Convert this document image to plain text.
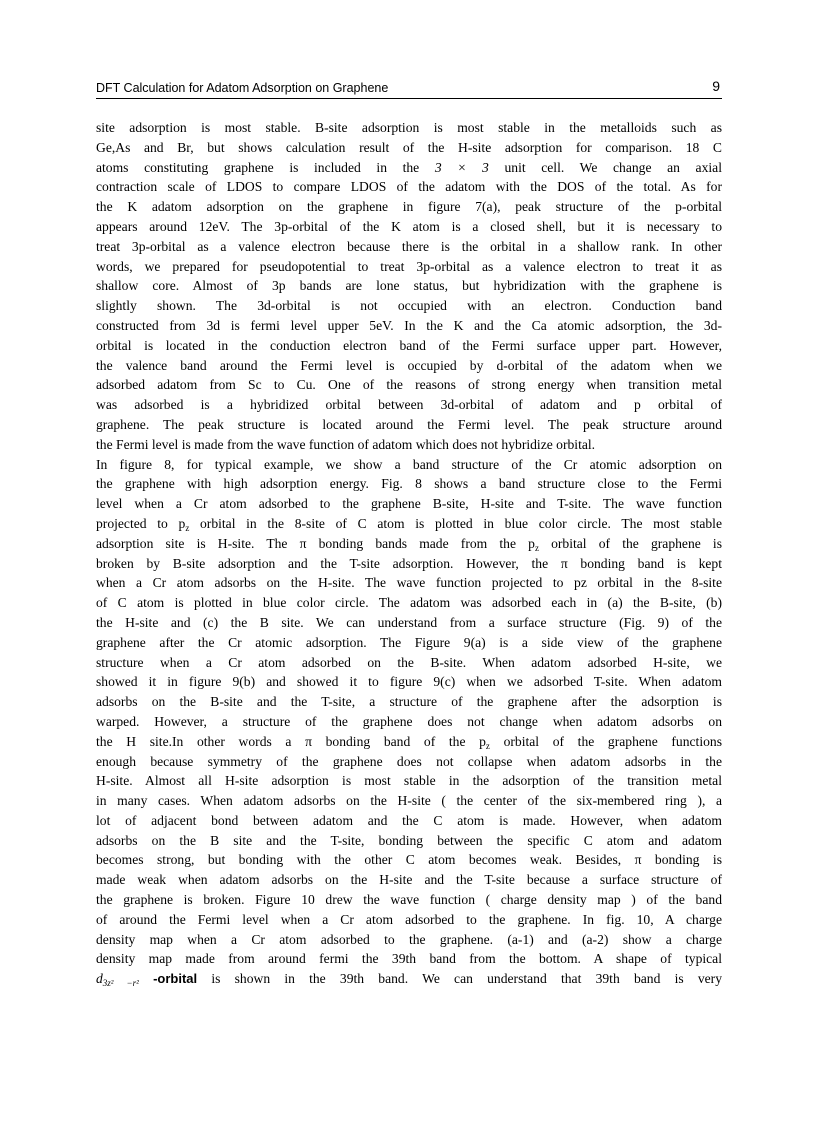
DFT Calculation for Adatom Adsorption on Graphene	9
site adsorption is most stable. B-site adsorption is most stable in the metalloids such as
Ge,As and Br, but shows calculation result of the H-site adsorption for comparison. 18 C
atoms constituting graphene is included in the 3 × 3 unit cell. We change an axial
contraction scale of LDOS to compare LDOS of the adatom with the DOS of the total. As for
the K adatom adsorption on the graphene in figure 7(a), peak structure of the p-orbital
appears around 12eV. The 3p-orbital of the K atom is a closed shell, but it is necessary to
treat 3p-orbital as a valence electron because there is the orbital in a shallow rank. In other
words, we prepared for pseudopotential to treat 3p-orbital as a valence electron to treat it as
shallow core. Almost of 3p bands are lone status, but hybridization with the graphene is
slightly shown. The 3d-orbital is not occupied with an electron. Conduction band
constructed from 3d is fermi level upper 5eV. In the K and the Ca atomic adsorption, the 3d-
orbital is located in the conduction electron band of the Fermi surface upper part. However,
the valence band around the Fermi level is occupied by d-orbital of the adatom when we
adsorbed adatom from Sc to Cu. One of the reasons of strong energy when transition metal
was adsorbed is a hybridized orbital between 3d-orbital of adatom and p orbital of
graphene. The peak structure is located around the Fermi level. The peak structure around
the Fermi level is made from the wave function of adatom which does not hybridize orbital.
In figure 8, for typical example, we show a band structure of the Cr atomic adsorption on
the graphene with high adsorption energy. Fig. 8 shows a band structure close to the Fermi
level when a Cr atom adsorbed to the graphene B-site, H-site and T-site. The wave function
projected to $p_z$ orbital in the 8-site of C atom is plotted in blue color circle. The most stable
adsorption site is H-site. The π bonding bands made from the $p_z$ orbital of the graphene is
broken by B-site adsorption and the T-site adsorption. However, the π bonding band is kept
when a Cr atom adsorbs on the H-site. The wave function projected to pz orbital in the 8-site
of C atom is plotted in blue color circle. The adatom was adsorbed each in (a) the B-site, (b)
the H-site and (c) the B site. We can understand from a surface structure (Fig. 9) of the
graphene after the Cr atomic adsorption. The Figure 9(a) is a side view of the graphene
structure when a Cr atom adsorbed on the B-site. When adatom adsorbed H-site, we
showed it in figure 9(b) and showed it to figure 9(c) when we adsorbed T-site. When adatom
adsorbs on the B-site and the T-site, a structure of the graphene after the adsorption is
warped. However, a structure of the graphene does not change when adatom adsorbs on
the H site.In other words a π bonding band of the $p_z$ orbital of the graphene functions
enough because symmetry of the graphene does not collapse when adatom adsorbs in the
H-site. Almost all H-site adsorption is most stable in the adsorption of the transition metal
in many cases. When adatom adsorbs on the H-site ( the center of the six-membered ring ), a
lot of adjacent bond between adatom and the C atom is made. However, when adatom
adsorbs on the B site and the T-site, bonding between the specific C atom and adatom
becomes strong, but bonding with the other C atom becomes weak. Besides, π bonding is
made weak when adatom adsorbs on the H-site and the T-site because a surface structure of
the graphene is broken. Figure 10 drew the wave function ( charge density map ) of the band
of around the Fermi level when a Cr atom adsorbed to the graphene. In fig. 10, A charge
density map when a Cr atom adsorbed to the graphene. (a-1) and (a-2) show a charge
density map made from around fermi the 39th band from the bottom. A shape of typical
$d_{3z^2 -r^2}$ -orbital is shown in the 39th band. We can understand that 39th band is very
